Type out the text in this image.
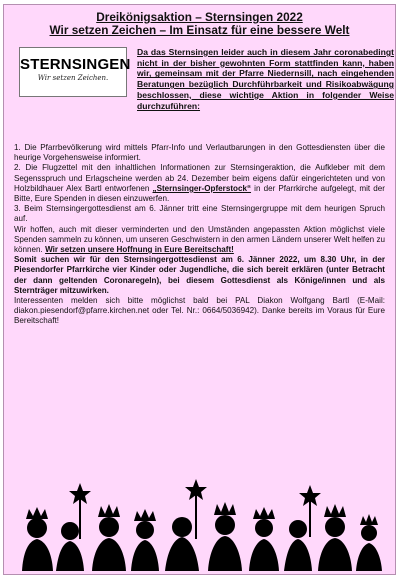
Dreikönigsaktion – Sternsingen 2022
Wir setzen Zeichen – Im Einsatz für eine bessere Welt
STERNSINGEN
Wir setzen Zeichen.
Da das Sternsingen leider auch in diesem Jahr coronabedingt nicht in der bisher gewohnten Form stattfinden kann, haben wir, gemeinsam mit der Pfarre Niedernsill, nach eingehenden Beratungen bezüglich Durchführbarkeit und Risikoabwägung beschlossen, diese wichtige Aktion in folgender Weise durchzuführen:

1. Die Pfarrbevölkerung wird mittels Pfarr-Info und Verlautbarungen in den Gottesdiensten über die heurige Vorgehensweise informiert.

2. Die Flugzettel mit den inhaltlichen Informationen zur Sternsingeraktion, die Aufkleber mit dem Segensspruch und Erlagscheine werden ab 24. Dezember beim eigens dafür eingerichteten und von Holzbildhauer Alex Bartl entworfenen „Sternsinger-Opferstock“ in der Pfarrkirche aufgelegt, mit der Bitte, Eure Spenden in diesen einzuwerfen.

3. Beim Sternsingergottesdienst am 6. Jänner tritt eine Sternsingergruppe mit dem heurigen Spruch auf.

Wir hoffen, auch mit dieser verminderten und den Umständen angepassten Aktion möglichst viele Spenden sammeln zu können, um unseren Geschwistern in den armen Ländern unserer Welt helfen zu können. Wir setzen unsere Hoffnung in Eure Bereitschaft!

Somit suchen wir für den Sternsingergottesdienst am 6. Jänner 2022, um 8.30 Uhr, in der Piesendorfer Pfarrkirche vier Kinder oder Jugendliche, die sich bereit erklären (unter Betracht der dann geltenden Coronaregeln), bei diesem Gottesdienst als Könige/innen und als Sternträger mitzuwirken.

Interessenten melden sich bitte möglichst bald bei PAL Diakon Wolfgang Bartl (E-Mail: diakon.piesendorf@pfarre.kirchen.net oder Tel. Nr.: 0664/5036942). Danke bereits im Voraus für Eure Bereitschaft!
